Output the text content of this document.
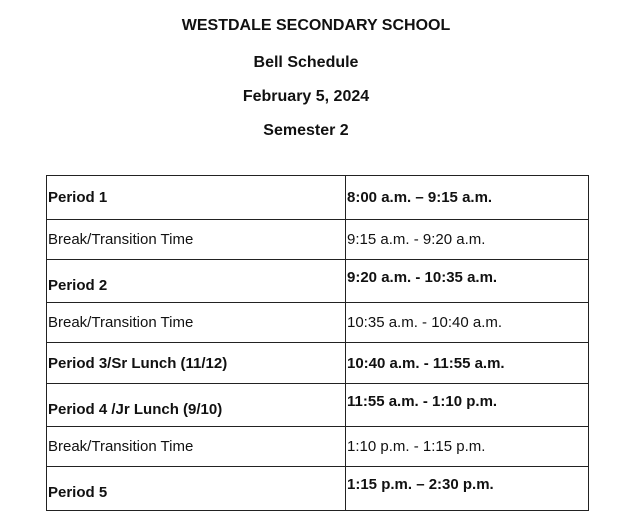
WESTDALE SECONDARY SCHOOL
Bell Schedule
February 5, 2024
Semester 2
Period 1	8:00 a.m. – 9:15 a.m.
Break/Transition Time	9:15 a.m. - 9:20 a.m.
Period 2	9:20 a.m. - 10:35 a.m.
Break/Transition Time	10:35 a.m. - 10:40 a.m.
Period 3/Sr Lunch (11/12)	10:40 a.m. - 11:55 a.m.
Period 4 /Jr Lunch (9/10)	11:55 a.m. - 1:10 p.m.
Break/Transition Time	1:10 p.m. - 1:15 p.m.
Period 5	1:15 p.m. – 2:30 p.m.
